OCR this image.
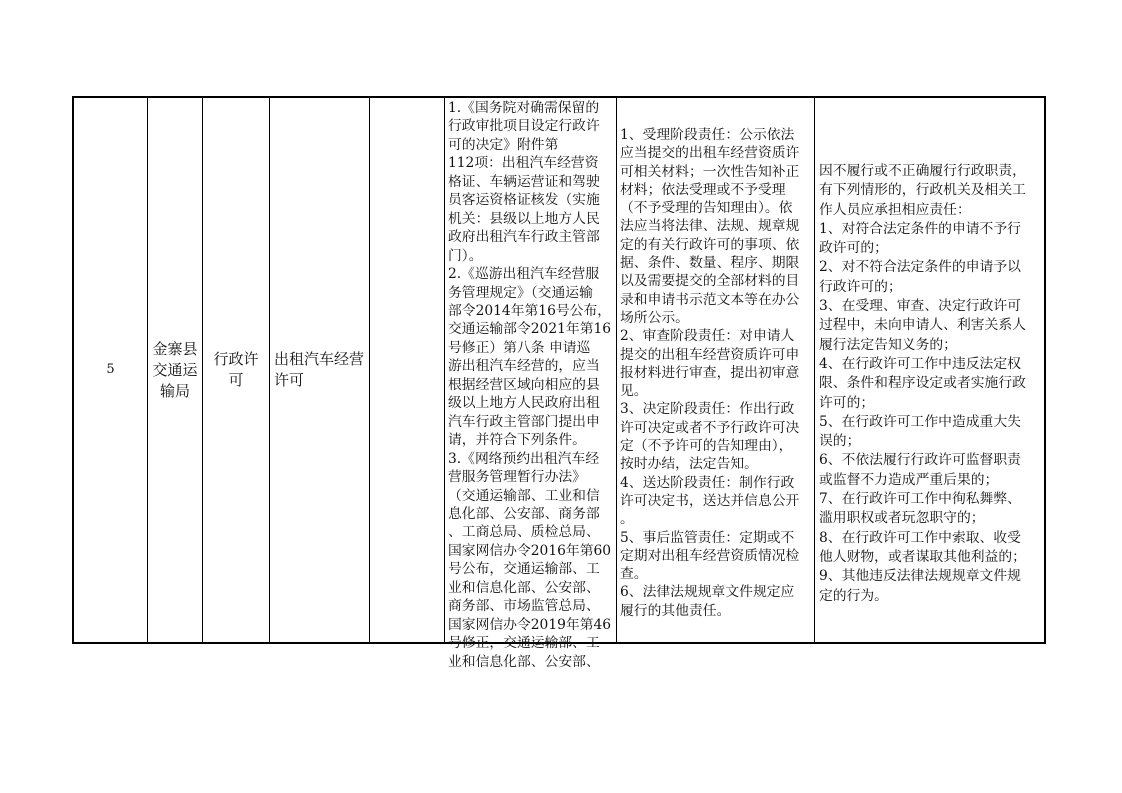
5
金寨县
交通运
输局
行政许可
出租汽车经营
许可
1.《国务院对确需保留的
行政审批项目设定行政许
可的决定》附件第
112项：出租汽车经营资
格证、车辆运营证和驾驶
员客运资格证核发（实施
机关：县级以上地方人民
政府出租汽车行政主管部
门）。
2.《巡游出租汽车经营服
务管理规定》（交通运输
部令2014年第16号公布，
交通运输部令2021年第16
号修正）第八条 申请巡
游出租汽车经营的，应当
根据经营区域向相应的县
级以上地方人民政府出租
汽车行政主管部门提出申
请，并符合下列条件。
3.《网络预约出租汽车经
营服务管理暂行办法》
（交通运输部、工业和信
息化部、公安部、商务部
、工商总局、质检总局、
国家网信办令2016年第60
号公布，交通运输部、工
业和信息化部、公安部、
商务部、市场监管总局、
国家网信办令2019年第46
号修正，交通运输部、工
业和信息化部、公安部、
1、受理阶段责任：公示依法
应当提交的出租车经营资质许
可相关材料；一次性告知补正
材料；依法受理或不予受理
（不予受理的告知理由）。依
法应当将法律、法规、规章规
定的有关行政许可的事项、依
据、条件、数量、程序、期限
以及需要提交的全部材料的目
录和申请书示范文本等在办公
场所公示。
2、审查阶段责任：对申请人
提交的出租车经营资质许可申
报材料进行审查，提出初审意
见。
3、决定阶段责任：作出行政
许可决定或者不予行政许可决
定（不予许可的告知理由），
按时办结，法定告知。
4、送达阶段责任：制作行政
许可决定书，送达并信息公开
。
5、事后监管责任：定期或不
定期对出租车经营资质情况检
查。
6、法律法规规章文件规定应
履行的其他责任。
因不履行或不正确履行行政职责，
有下列情形的，行政机关及相关工
作人员应承担相应责任：
1、对符合法定条件的申请不予行
政许可的；
2、对不符合法定条件的申请予以
行政许可的；
3、在受理、审查、决定行政许可
过程中，未向申请人、利害关系人
履行法定告知义务的；
4、在行政许可工作中违反法定权
限、条件和程序设定或者实施行政
许可的；
5、在行政许可工作中造成重大失
误的；
6、不依法履行行政许可监督职责
或监督不力造成严重后果的；
7、在行政许可工作中徇私舞弊、
滥用职权或者玩忽职守的；
8、在行政许可工作中索取、收受
他人财物，或者谋取其他利益的；
9、其他违反法律法规规章文件规
定的行为。
